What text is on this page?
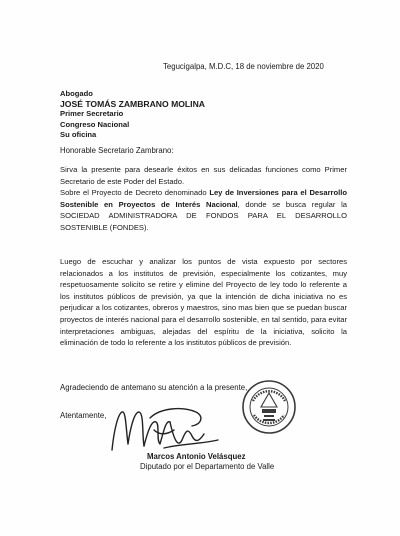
Tegucigalpa, M.D.C, 18 de noviembre de 2020

Abogado
JOSÉ TOMÁS ZAMBRANO MOLINA
Primer Secretario
Congreso Nacional
Su oficina

Honorable Secretario Zambrano:

Sirva la presente para desearle éxitos en sus delicadas funciones como Primer
Secretario de este Poder del Estado.
Sobre el Proyecto de Decreto denominado Ley de Inversiones para el Desarrollo
Sostenible en Proyectos de Interés Nacional, donde se busca regular la
SOCIEDAD ADMINISTRADORA DE FONDOS PARA EL DESARROLLO
SOSTENIBLE (FONDES).
Luego de escuchar y analizar los puntos de vista expuesto por sectores
relacionados a los institutos de previsión, especialmente los cotizantes, muy
respetuosamente solicito se retire y elimine del Proyecto de ley todo lo referente a
los institutos públicos de previsión, ya que la intención de dicha iniciativa no es
perjudicar a los cotizantes, obreros y maestros, sino mas bien que se puedan buscar
proyectos de interés nacional para el desarrollo sostenible, en tal sentido, para evitar
interpretaciones ambiguas, alejadas del espíritu de la iniciativa, solicito la
eliminación de todo lo referente a los institutos públicos de previsión.

Agradeciendo de antemano su atención a la presente,

Atentamente,

Marcos Antonio Velásquez

Diputado por el Departamento de Valle
